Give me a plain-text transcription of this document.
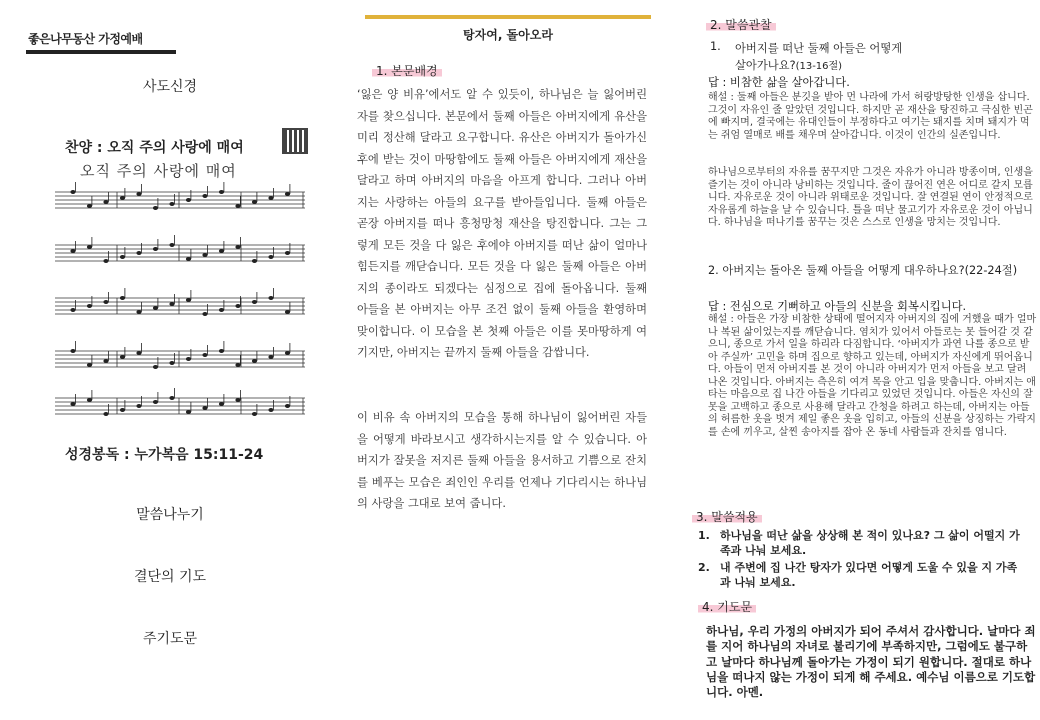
좋은나무동산 가정예배
사도신경
찬양 : 오직 주의 사랑에 매여
오직 주의 사랑에 매여
성경봉독 : 누가복음 15:11-24
말씀나누기
결단의 기도
주기도문
탕자여, 돌아오라
1. 본문배경
‘잃은 양 비유’에서도 알 수 있듯이, 하나님은 늘 잃어버린 자를 찾으십니다. 본문에서 둘째 아들은 아버지에게 유산을 미리 정산해 달라고 요구합니다. 유산은 아버지가 돌아가신 후에 받는 것이 마땅함에도 둘째 아들은 아버지에게 재산을 달라고 하며 아버지의 마음을 아프게 합니다. 그러나 아버지는 사랑하는 아들의 요구를 받아들입니다. 둘째 아들은 곧장 아버지를 떠나 흥청망청 재산을 탕진합니다. 그는 그렇게 모든 것을 다 잃은 후에야 아버지를 떠난 삶이 얼마나 힘든지를 깨닫습니다. 모든 것을 다 잃은 둘째 아들은 아버지의 종이라도 되겠다는 심정으로 집에 돌아옵니다. 둘째 아들을 본 아버지는 아무 조건 없이 둘째 아들을 환영하며 맞이합니다. 이 모습을 본 첫째 아들은 이를 못마땅하게 여기지만, 아버지는 끝까지 둘째 아들을 감쌉니다.
이 비유 속 아버지의 모습을 통해 하나님이 잃어버린 자들을 어떻게 바라보시고 생각하시는지를 알 수 있습니다. 아버지가 잘못을 저지른 둘째 아들을 용서하고 기쁨으로 잔치를 베푸는 모습은 죄인인 우리를 언제나 기다리시는 하나님의 사랑을 그대로 보여 줍니다.
2. 말씀관찰
1. 아버지를 떠난 둘째 아들은 어떻게
살아가나요?(13-16절)
답 : 비참한 삶을 살아갑니다.
해설 : 둘째 아들은 분깃을 받아 먼 나라에 가서 허랑방탕한 인생을 삽니다. 그것이 자유인 줄 알았던 것입니다. 하지만 곧 재산을 탕진하고 극심한 빈곤에 빠지며, 결국에는 유대인들이 부정하다고 여기는 돼지를 치며 돼지가 먹는 쥐엄 열매로 배를 채우며 살아갑니다. 이것이 인간의 실존입니다.
하나님으로부터의 자유를 꿈꾸지만 그것은 자유가 아니라 방종이며, 인생을 즐기는 것이 아니라 낭비하는 것입니다. 줄이 끊어진 연은 어디로 갈지 모릅니다. 자유로운 것이 아니라 위태로운 것입니다. 잘 연결된 연이 안정적으로 자유롭게 하늘을 날 수 있습니다. 틀을 떠난 물고기가 자유로운 것이 아닙니다. 하나님을 떠나기를 꿈꾸는 것은 스스로 인생을 망치는 것입니다.
2. 아버지는 돌아온 둘째 아들을 어떻게 대우하나요?(22-24절)
답 : 전심으로 기뻐하고 아들의 신분을 회복시킵니다.
해설 : 아들은 가장 비참한 상태에 떨어지자 아버지의 집에 거했을 때가 얼마나 복된 삶이었는지를 깨닫습니다. 염치가 있어서 아들로는 못 들어갈 것 같으니, 종으로 가서 일을 하리라 다짐합니다. ‘아버지가 과연 나를 종으로 받아 주실까’ 고민을 하며 집으로 향하고 있는데, 아버지가 자신에게 뛰어옵니다. 아들이 먼저 아버지를 본 것이 아니라 아버지가 먼저 아들을 보고 달려 나온 것입니다. 아버지는 측은히 여겨 목을 안고 입을 맞춥니다. 아버지는 애타는 마음으로 집 나간 아들을 기다리고 있었던 것입니다. 아들은 자신의 잘못을 고백하고 종으로 사용해 달라고 간청을 하려고 하는데, 아버지는 아들의 허름한 옷을 벗겨 제일 좋은 옷을 입히고, 아들의 신분을 상징하는 가락지를 손에 끼우고, 살찐 송아지를 잡아 온 동네 사람들과 잔치를 엽니다.
3. 말씀적용
1. 하나님을 떠난 삶을 상상해 본 적이 있나요? 그 삶이 어떨지 가족과 나눠 보세요.
2. 내 주변에 집 나간 탕자가 있다면 어떻게 도울 수 있을 지 가족과 나눠 보세요.
4. 기도문
하나님, 우리 가정의 아버지가 되어 주셔서 감사합니다. 날마다 죄를 지어 하나님의 자녀로 불리기에 부족하지만, 그럼에도 불구하고 날마다 하나님께 돌아가는 가정이 되기 원합니다. 절대로 하나님을 떠나지 않는 가정이 되게 해 주세요. 예수님 이름으로 기도합니다. 아멘.
